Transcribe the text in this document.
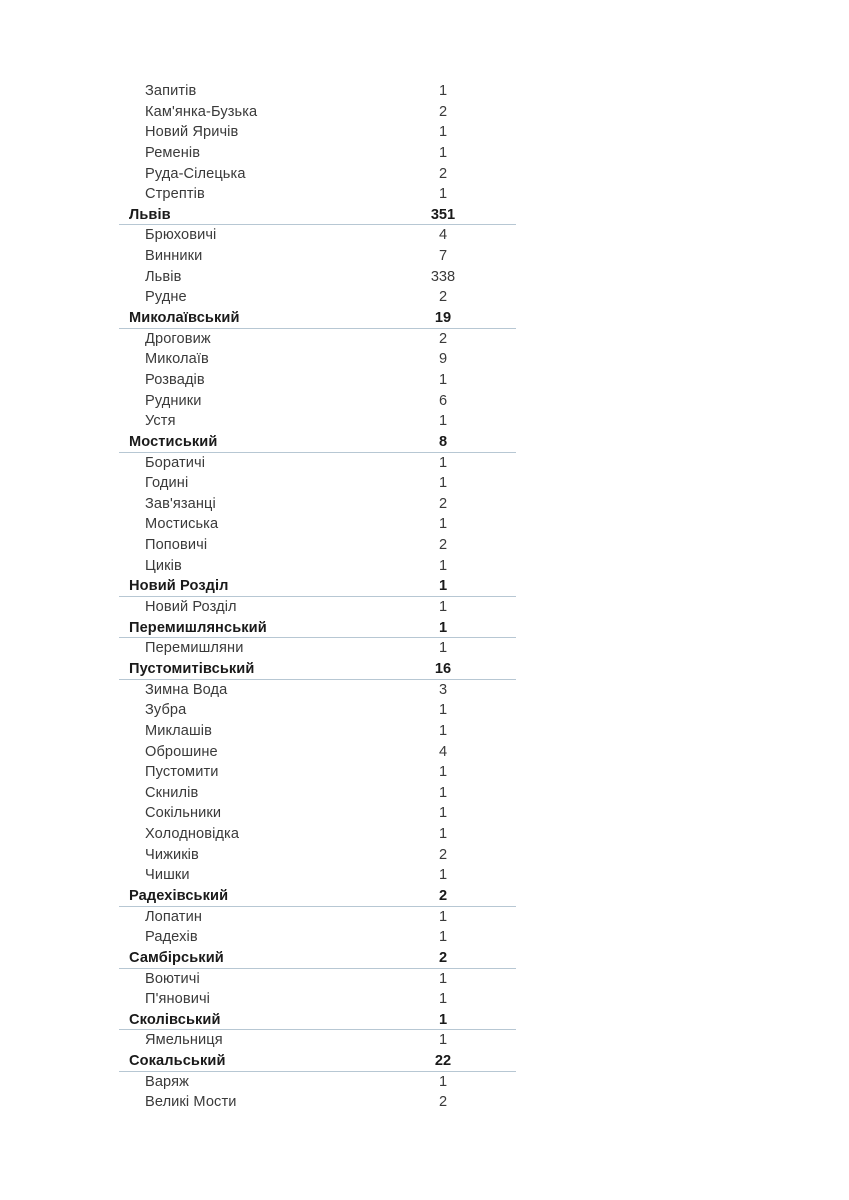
Запитів	1
Кам'янка-Бузька	2
Новий Яричів	1
Ременів	1
Руда-Сілецька	2
Стрептів	1
Львів	351
Брюховичі	4
Винники	7
Львів	338
Рудне	2
Миколаївський	19
Дроговиж	2
Миколаїв	9
Розвадів	1
Рудники	6
Устя	1
Мостиський	8
Боратичі	1
Годині	1
Зав'язанці	2
Мостиська	1
Поповичі	2
Циків	1
Новий Розділ	1
Новий Розділ	1
Перемишлянський	1
Перемишляни	1
Пустомитівський	16
Зимна Вода	3
Зубра	1
Миклашів	1
Оброшине	4
Пустомити	1
Скнилів	1
Сокільники	1
Холодновідка	1
Чижиків	2
Чишки	1
Радехівський	2
Лопатин	1
Радехів	1
Самбірський	2
Воютичі	1
П'яновичі	1
Сколівський	1
Ямельниця	1
Сокальський	22
Варяж	1
Великі Мости	2
